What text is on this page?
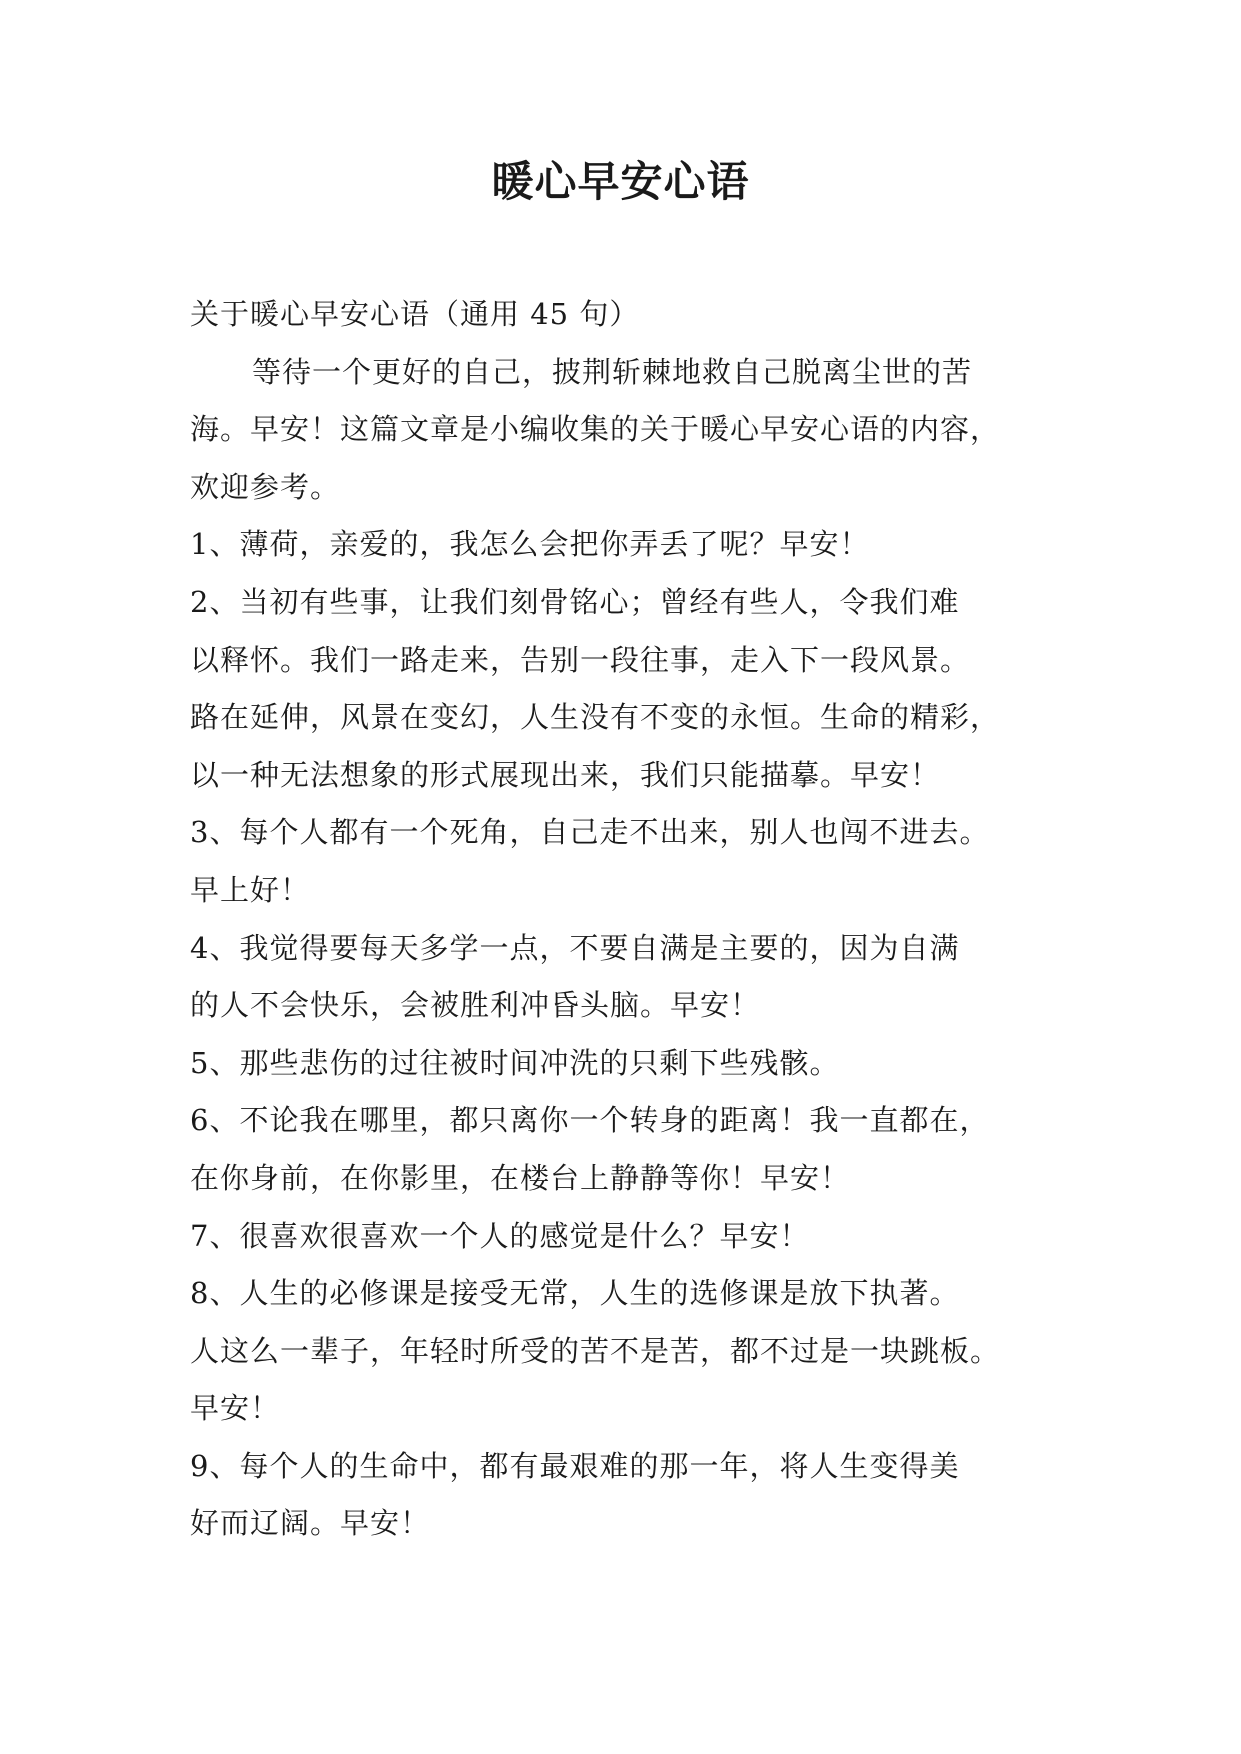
暖心早安心语

关于暖心早安心语（通用 45 句）

等待一个更好的自己，披荆斩棘地救自己脱离尘世的苦

海。早安！这篇文章是小编收集的关于暖心早安心语的内容，

欢迎参考。

1、薄荷，亲爱的，我怎么会把你弄丢了呢？早安！

2、当初有些事，让我们刻骨铭心；曾经有些人，令我们难

以释怀。我们一路走来，告别一段往事，走入下一段风景。

路在延伸，风景在变幻，人生没有不变的永恒。生命的精彩，

以一种无法想象的形式展现出来，我们只能描摹。早安！

3、每个人都有一个死角，自己走不出来，别人也闯不进去。

早上好！

4、我觉得要每天多学一点，不要自满是主要的，因为自满

的人不会快乐，会被胜利冲昏头脑。早安！

5、那些悲伤的过往被时间冲洗的只剩下些残骸。

6、不论我在哪里，都只离你一个转身的距离！我一直都在，

在你身前，在你影里，在楼台上静静等你！早安！

7、很喜欢很喜欢一个人的感觉是什么？早安！

8、人生的必修课是接受无常，人生的选修课是放下执著。

人这么一辈子，年轻时所受的苦不是苦，都不过是一块跳板。

早安！

9、每个人的生命中，都有最艰难的那一年，将人生变得美

好而辽阔。早安！
